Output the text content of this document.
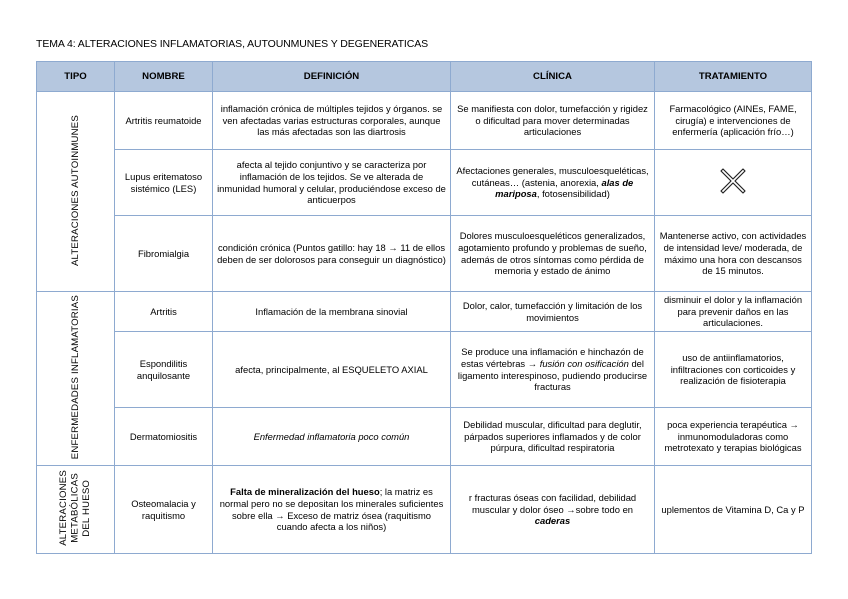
TEMA 4: ALTERACIONES INFLAMATORIAS, AUTOUNMUNES Y DEGENERATICAS
TIPO	NOMBRE	DEFINICIÓN	CLÍNICA	TRATAMIENTO
ALTERACIONES AUTOINMUNES	Artritis reumatoide	inflamación crónica de múltiples tejidos y órganos. se ven afectadas varias estructuras corporales, aunque las más afectadas son las diartrosis	Se manifiesta con dolor, tumefacción y rigidez o dificultad para mover determinadas articulaciones	Farmacológico (AINEs, FAME, cirugía) e intervenciones de enfermería (aplicación frío…)
	Lupus eritematoso sistémico (LES)	afecta al tejido conjuntivo y se caracteriza por inflamación de los tejidos. Se ve alterada de inmunidad humoral y celular, produciéndose exceso de anticuerpos	Afectaciones generales, musculoesqueléticas, cutáneas… (astenia, anorexia, alas de mariposa, fotosensibilidad)	
	Fibromialgia	condición crónica (Puntos gatillo: hay 18 → 11 de ellos deben de ser dolorosos para conseguir un diagnóstico)	Dolores musculoesqueléticos generalizados, agotamiento profundo y problemas de sueño, además de otros síntomas como pérdida de memoria y estado de ánimo	Mantenerse activo, con actividades de intensidad leve/ moderada, de máximo una hora con descansos de 15 minutos.
ENFERMEDADES INFLAMATORIAS	Artritis	Inflamación de la membrana sinovial	Dolor, calor, tumefacción y limitación de los movimientos	disminuir el dolor y la inflamación para prevenir daños en las articulaciones.
	Espondilitis anquilosante	afecta, principalmente, al ESQUELETO AXIAL	Se produce una inflamación e hinchazón de estas vértebras → fusión con osificación del ligamento interespinoso, pudiendo producirse fracturas	uso de antiinflamatorios, infiltraciones con corticoides y realización de fisioterapia
	Dermatomiositis	Enfermedad inflamatoria poco común	Debilidad muscular, dificultad para deglutir, párpados superiores inflamados y de color púrpura, dificultad respiratoria	poca experiencia terapéutica → inmunomoduladoras como metrotexato y terapias biológicas
ALTERACIONES
METABÓLICAS
DEL HUESO	Osteomalacia y raquitismo	Falta de mineralización del hueso; la matriz es normal pero no se depositan los minerales suficientes sobre ella → Exceso de matriz ósea (raquitismo cuando afecta a los niños)	r fracturas óseas con facilidad, debilidad muscular y dolor óseo →sobre todo en caderas	uplementos de Vitamina D, Ca y P
